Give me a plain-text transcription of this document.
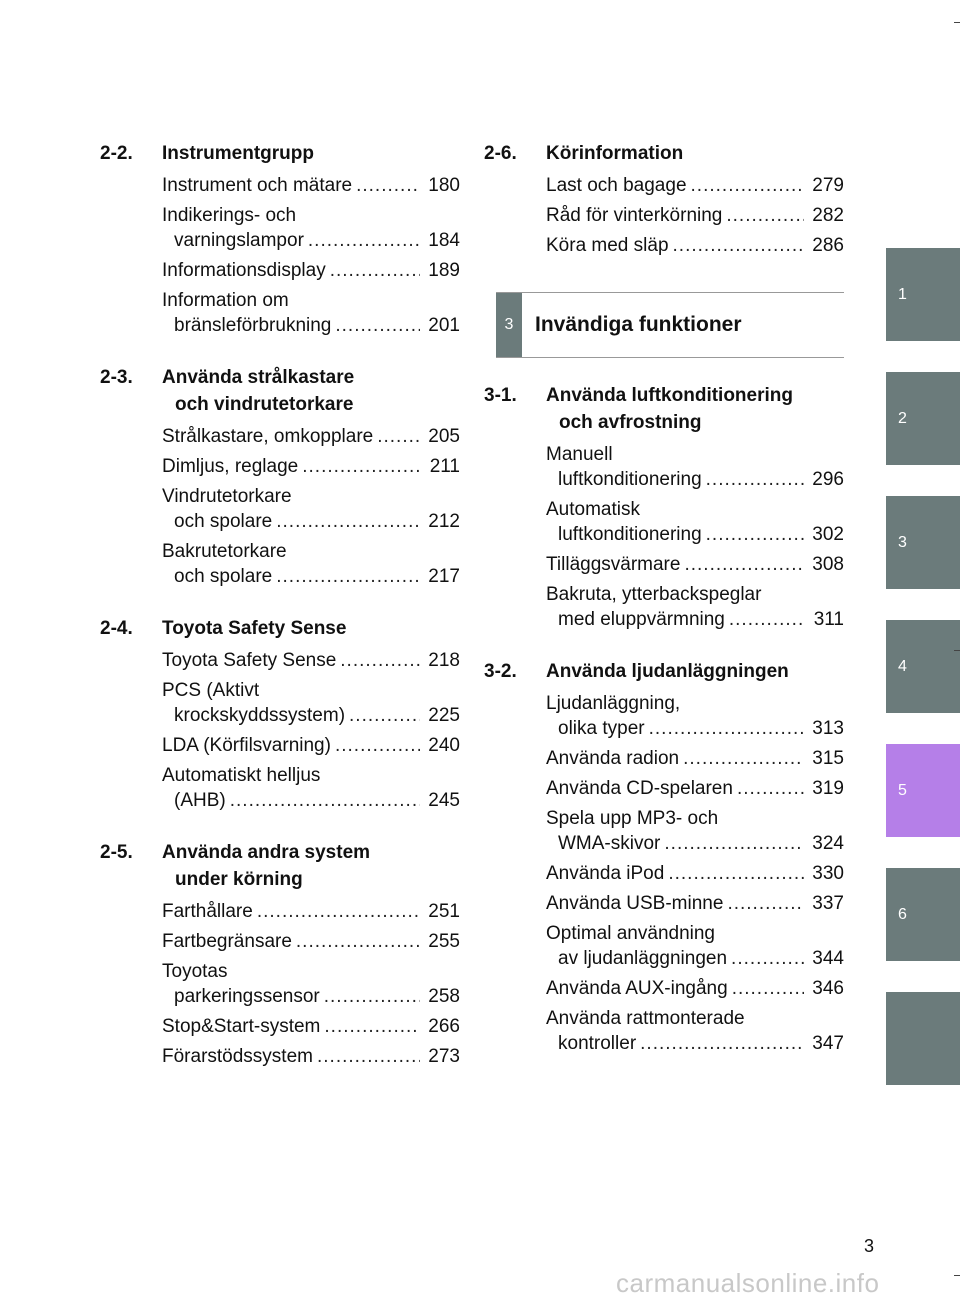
2-2.	Instrumentgrupp
Instrument och mätare .....	180
Indikerings- och
varningslampor .....	184
Informationsdisplay .....	189
Information om
bränsleförbrukning .....	201
2-3.	Använda strålkastare
och vindrutetorkare
Strålkastare, omkopplare .....	205
Dimljus, reglage .....	211
Vindrutetorkare
och spolare .....	212
Bakrutetorkare
och spolare .....	217
2-4.	Toyota Safety Sense
Toyota Safety Sense .....	218
PCS (Aktivt
krockskyddssystem) .....	225
LDA (Körfilsvarning) .....	240
Automatiskt helljus
(AHB) .....	245
2-5.	Använda andra system
under körning
Farthållare .....	251
Fartbegränsare .....	255
Toyotas
parkeringssensor .....	258
Stop&Start-system .....	266
Förarstödssystem .....	273
2-6.	Körinformation
Last och bagage .....	279
Råd för vinterkörning .....	282
Köra med släp .....	286
3	Invändiga funktioner
3-1.	Använda luftkonditionering
och avfrostning
Manuell
luftkonditionering .....	296
Automatisk
luftkonditionering .....	302
Tilläggsvärmare .....	308
Bakruta, ytterbackspeglar
med eluppvärmning .....	311
3-2.	Använda ljudanläggningen
Ljudanläggning,
olika typer .....	313
Använda radion .....	315
Använda CD-spelaren .....	319
Spela upp MP3- och
WMA-skivor .....	324
Använda iPod .....	330
Använda USB-minne .....	337
Optimal användning
av ljudanläggningen .....	344
Använda AUX-ingång .....	346
Använda rattmonterade
kontroller .....	347
1
2
3
4
5
6
3
carmanualsonline.info
